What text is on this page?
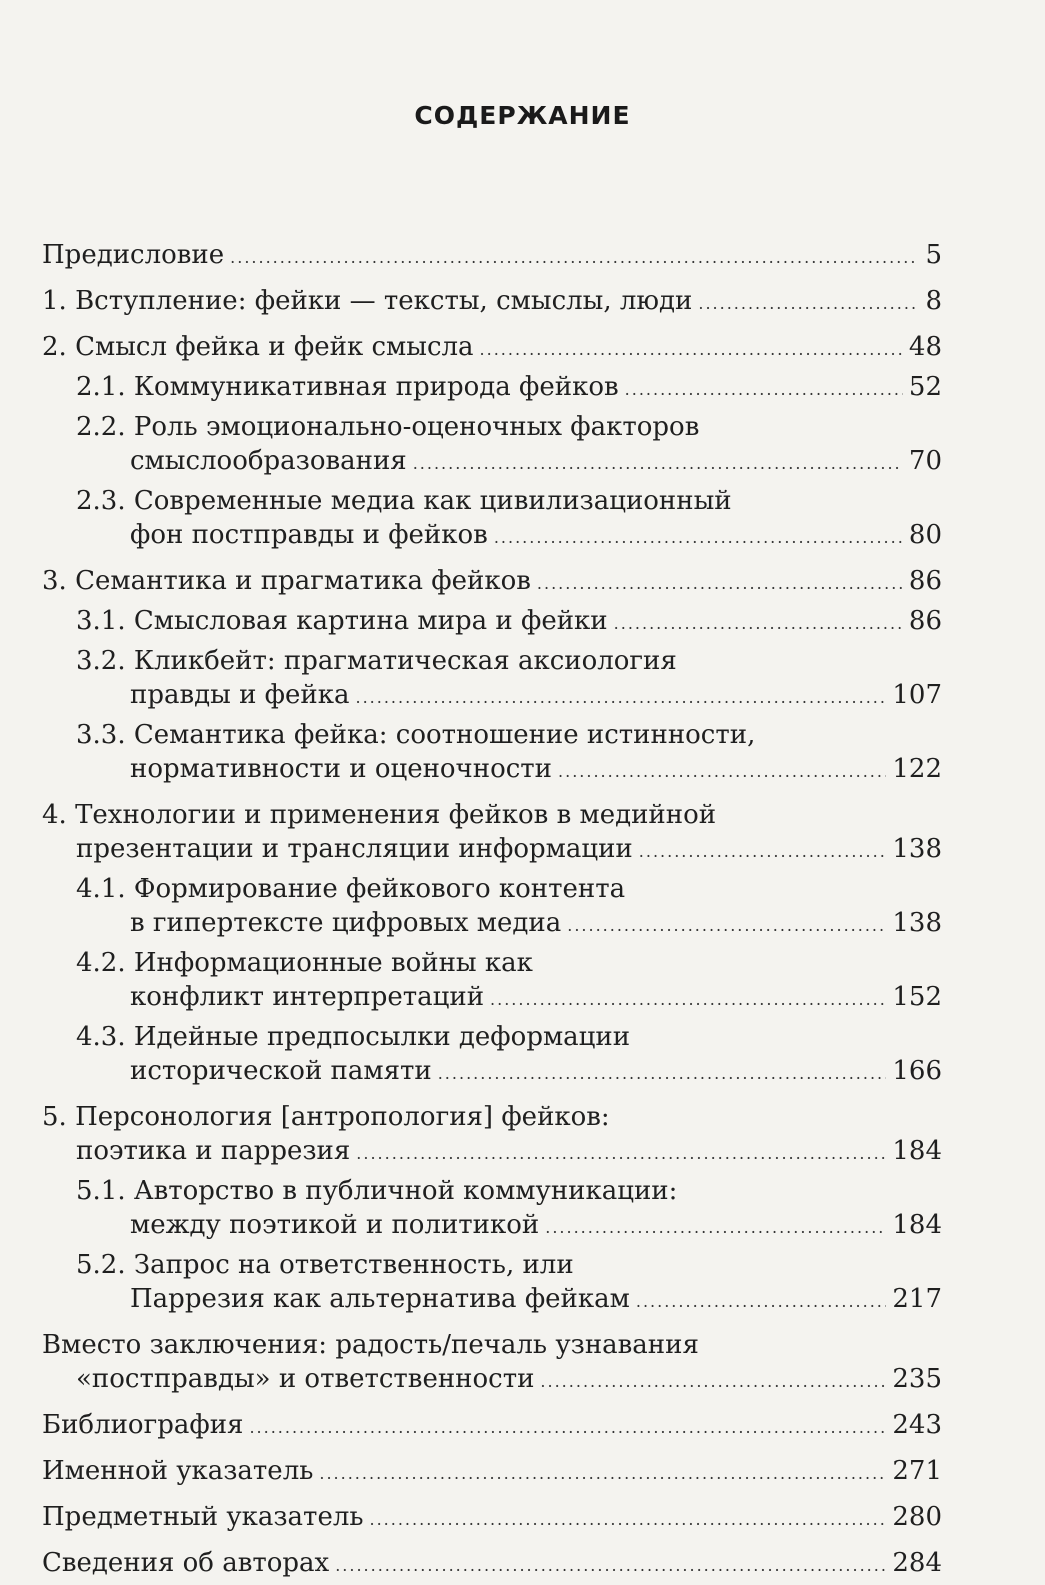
СОДЕРЖАНИЕ
Предисловие .....	5
1. Вступление: фейки — тексты, смыслы, люди .....	8
2. Смысл фейка и фейк смысла .....	48
2.1. Коммуникативная природа фейков .....	52
2.2. Роль эмоционально-оценочных факторов
смыслообразования .....	70
2.3. Современные медиа как цивилизационный
фон постправды и фейков .....	80
3. Семантика и прагматика фейков .....	86
3.1. Смысловая картина мира и фейки .....	86
3.2. Кликбейт: прагматическая аксиология
правды и фейка .....	107
3.3. Семантика фейка: соотношение истинности,
нормативности и оценочности .....	122
4. Технологии и применения фейков в медийной
презентации и трансляции информации .....	138
4.1. Формирование фейкового контента
в гипертексте цифровых медиа .....	138
4.2. Информационные войны как
конфликт интерпретаций .....	152
4.3. Идейные предпосылки деформации
исторической памяти .....	166
5. Персонология [антропология] фейков:
поэтика и паррезия .....	184
5.1. Авторство в публичной коммуникации:
между поэтикой и политикой .....	184
5.2. Запрос на ответственность, или
Паррезия как альтернатива фейкам .....	217
Вместо заключения: радость/печаль узнавания
«постправды» и ответственности .....	235
Библиография .....	243
Именной указатель .....	271
Предметный указатель .....	280
Сведения об авторах .....	284
